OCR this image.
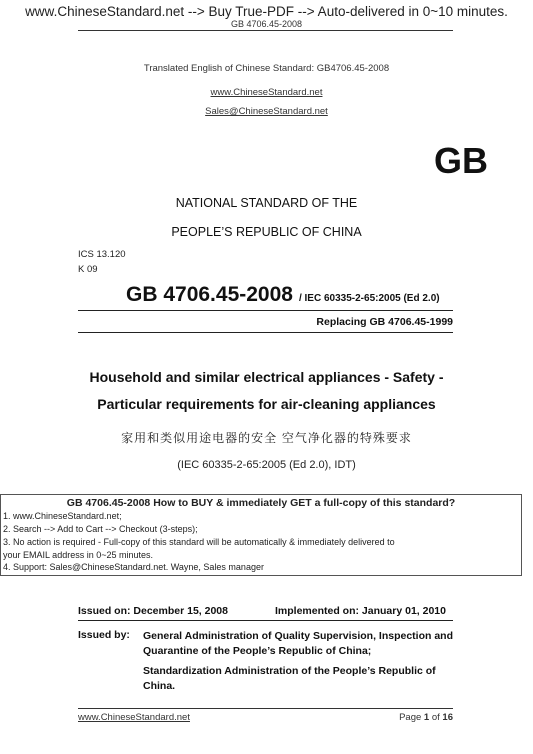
www.ChineseStandard.net --> Buy True-PDF --> Auto-delivered in 0~10 minutes.
GB 4706.45-2008
Translated English of Chinese Standard: GB4706.45-2008
www.ChineseStandard.net
Sales@ChineseStandard.net
GB
NATIONAL STANDARD OF THE
PEOPLE’S REPUBLIC OF CHINA
ICS 13.120
K 09
GB 4706.45-2008 / IEC 60335-2-65:2005 (Ed 2.0)
Replacing GB 4706.45-1999
Household and similar electrical appliances - Safety -
Particular requirements for air-cleaning appliances
家用和类似用途电器的安全 空气净化器的特殊要求
(IEC 60335-2-65:2005 (Ed 2.0), IDT)
GB 4706.45-2008 How to BUY & immediately GET a full-copy of this standard?
1. www.ChineseStandard.net;
2. Search --> Add to Cart --> Checkout (3-steps);
3. No action is required - Full-copy of this standard will be automatically & immediately delivered to
your EMAIL address in 0~25 minutes.
4. Support: Sales@ChineseStandard.net. Wayne, Sales manager
Issued on: December 15, 2008	Implemented on: January 01, 2010
Issued by: General Administration of Quality Supervision, Inspection and Quarantine of the People’s Republic of China;
Standardization Administration of the People’s Republic of China.
www.ChineseStandard.net	Page 1 of 16
